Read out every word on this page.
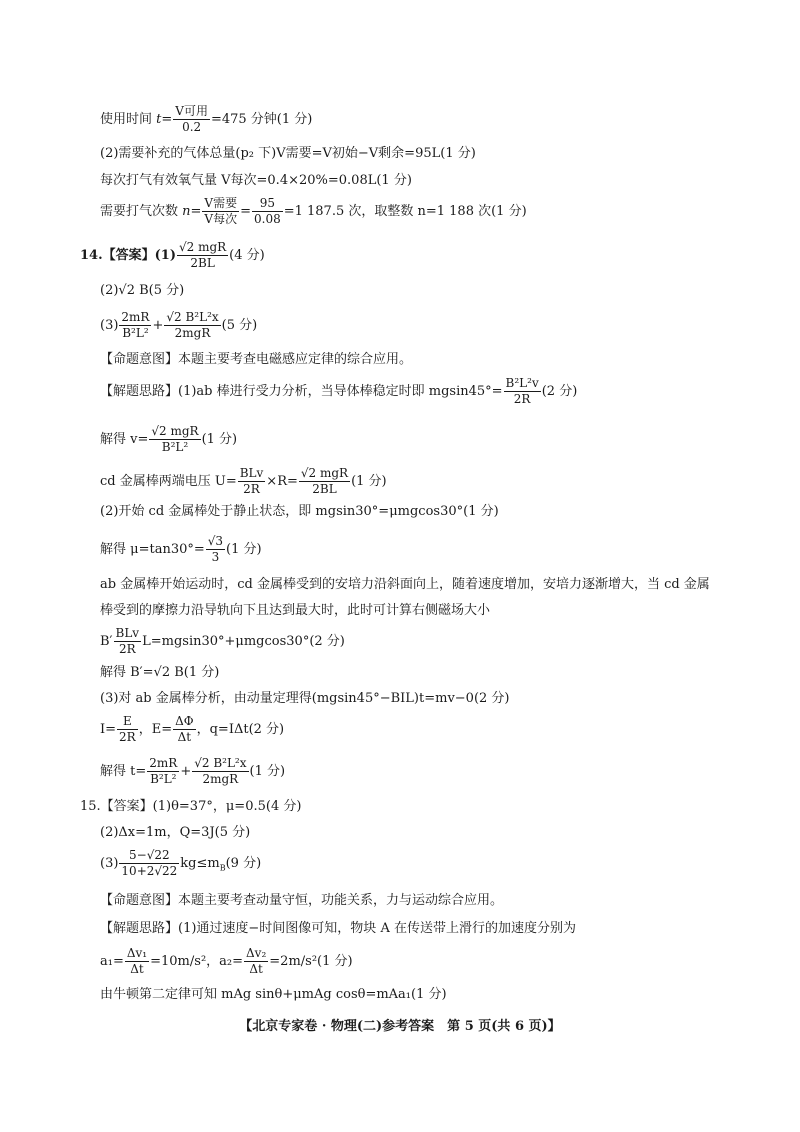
使用时间 $t= \frac{\text{V可用}}{0.2} =475$ 分钟(1 分)
(2)需要补充的气体总量(p₂ 下)V需要=V初始−V剩余=95L(1 分)
每次打气有效氧气量 V每次=0.4×20%=0.08L(1 分)
需要打气次数 $n= \frac{\text{V需要}}{\text{V每次}} = \frac{95}{0.08} =1$ 187.5 次，取整数 n=1 188 次(1 分)
14.【答案】$(1) \frac{\text{√2 mgR}}{2BL} (4$ 分)
(2)√2 B(5 分)
$(3) \frac{2mR}{\text{B²L²}} + \frac{\text{√2 B²L²x}}{\text{2mgR}} (5$ 分)
【命题意图】本题主要考查电磁感应定律的综合应用。
【解题思路】(1)ab 棒进行受力分析，当导体棒稳定时即 $mgsin45^\circ= \frac{\text{B²L²v}}{2R} (2$ 分)
解得 $v= \frac{\text{√2 mgR}}{\text{B²L²}} (1$ 分)
cd 金属棒两端电压 $U= \frac{\text{BLv}}{2R} \times R= \frac{\text{√2 mgR}}{2BL} (1$ 分)
(2)开始 cd 金属棒处于静止状态，即 mgsin30°=μmgcos30°(1 分)
解得 $\mu=\tan 30^\circ= \frac{√3}{3} (1$ 分)
ab 金属棒开始运动时，cd 金属棒受到的安培力沿斜面向上，随着速度增加，安培力逐渐增大，当 cd 金属
棒受到的摩擦力沿导轨向下且达到最大时，此时可计算右侧磁场大小
$B' \frac{\text{BLv}}{2R} L=mgsin30^\circ+\mu mgcos30^\circ(2$ 分)
解得 B′=√2 B(1 分)
(3)对 ab 金属棒分析，由动量定理得(mgsin45°−BIL)t=mv−0(2 分)
$I= \frac{E}{2R}$ ，$E= \frac{\Delta\Phi}{\Delta t}$ ，q=IΔt(2 分)
解得 $t= \frac{2mR}{\text{B²L²}} + \frac{\text{√2 B²L²x}}{\text{2mgR}} (1$ 分)
15.【答案】(1)θ=37°，μ=0.5(4 分)
(2)Δx=1m，Q=3J(5 分)
$(3) \frac{5-√22}{10+2√22} kg\le m_B(9$ 分)
【命题意图】本题主要考查动量守恒，功能关系，力与运动综合应用。
【解题思路】(1)通过速度−时间图像可知，物块 A 在传送带上滑行的加速度分别为
$a_1= \frac{\text{Δv₁}}{\Delta t} =10m/s^2$，$a_2= \frac{\text{Δv₂}}{\Delta t} =2m/s^2(1$ 分)
由牛顿第二定律可知 mAg sinθ+μmAg cosθ=mAa₁(1 分)
【北京专家卷 · 物理(二)参考答案　第 5 页(共 6 页)】
